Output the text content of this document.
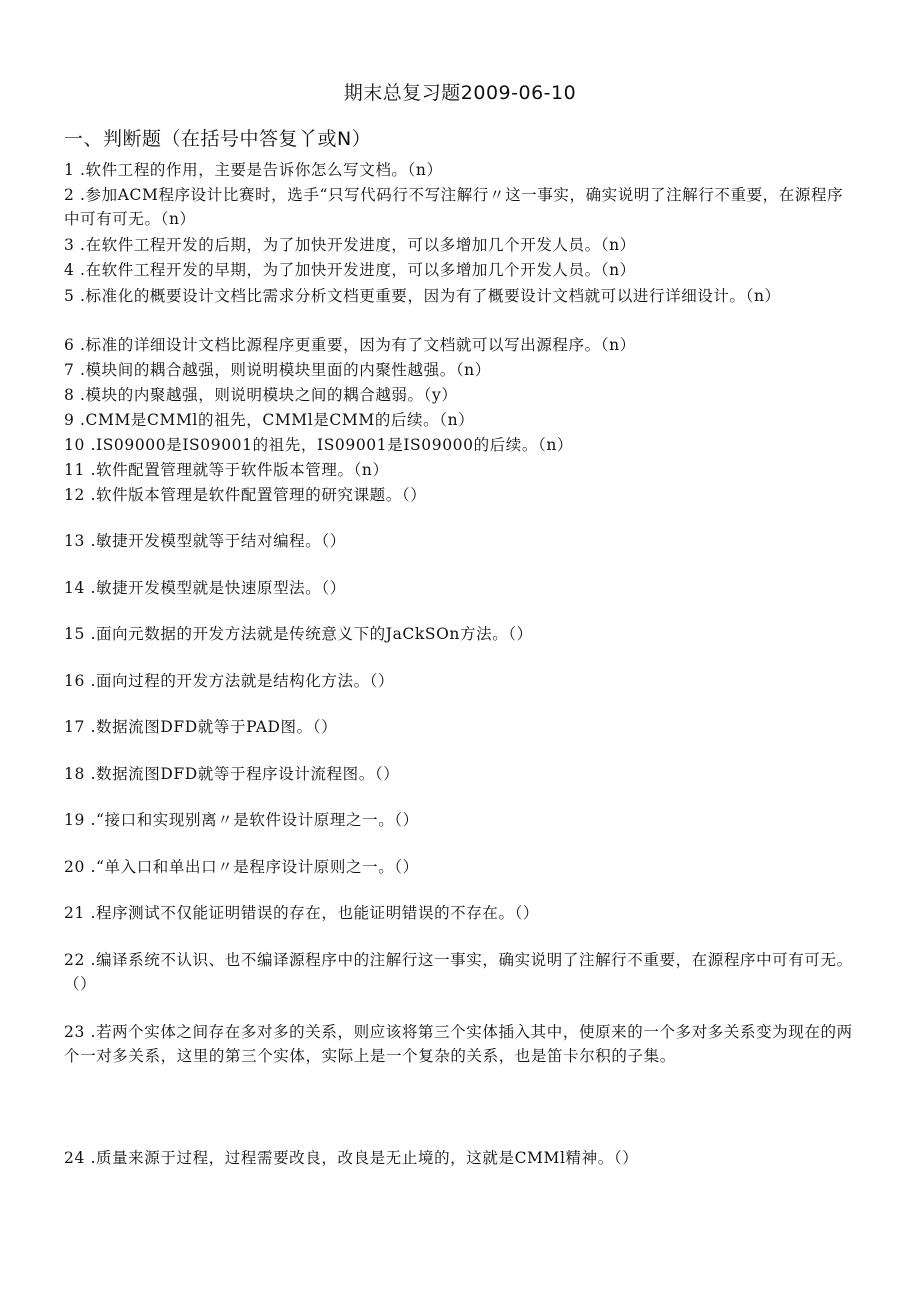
期末总复习题2009-06-10
一、判断题（在括号中答复丫或N）
1 .软件工程的作用，主要是告诉你怎么写文档。（n）
2 .参加ACM程序设计比赛时，选手“只写代码行不写注解行〃这一事实，确实说明了注解行不重要，在源程序中可有可无。（n）
3 .在软件工程开发的后期，为了加快开发进度，可以多增加几个开发人员。（n）
4 .在软件工程开发的早期，为了加快开发进度，可以多增加几个开发人员。（n）
5 .标准化的概要设计文档比需求分析文档更重要，因为有了概要设计文档就可以进行详细设计。（n）
6 .标准的详细设计文档比源程序更重要，因为有了文档就可以写出源程序。（n）
7 .模块间的耦合越强，则说明模块里面的内聚性越强。（n）
8 .模块的内聚越强，则说明模块之间的耦合越弱。（y）
9 .CMM是CMMl的祖先，CMMl是CMM的后续。（n）
10 .IS09000是IS09001的祖先，IS09001是IS09000的后续。（n）
11 .软件配置管理就等于软件版本管理。（n）
12 .软件版本管理是软件配置管理的研究课题。（）
13 .敏捷开发模型就等于结对编程。（）
14 .敏捷开发模型就是快速原型法。（）
15 .面向元数据的开发方法就是传统意义下的JaCkSOn方法。（）
16 .面向过程的开发方法就是结构化方法。（）
17 .数据流图DFD就等于PAD图。（）
18 .数据流图DFD就等于程序设计流程图。（）
19 .“接口和实现别离〃是软件设计原理之一。（）
20 .“单入口和单出口〃是程序设计原则之一。（）
21 .程序测试不仅能证明错误的存在，也能证明错误的不存在。（）
22 .编译系统不认识、也不编译源程序中的注解行这一事实，确实说明了注解行不重要，在源程序中可有可无。（）
23 .若两个实体之间存在多对多的关系，则应该将第三个实体插入其中，使原来的一个多对多关系变为现在的两个一对多关系，这里的第三个实体，实际上是一个复杂的关系，也是笛卡尔积的子集。
24 .质量来源于过程，过程需要改良，改良是无止境的，这就是CMMl精神。（）
